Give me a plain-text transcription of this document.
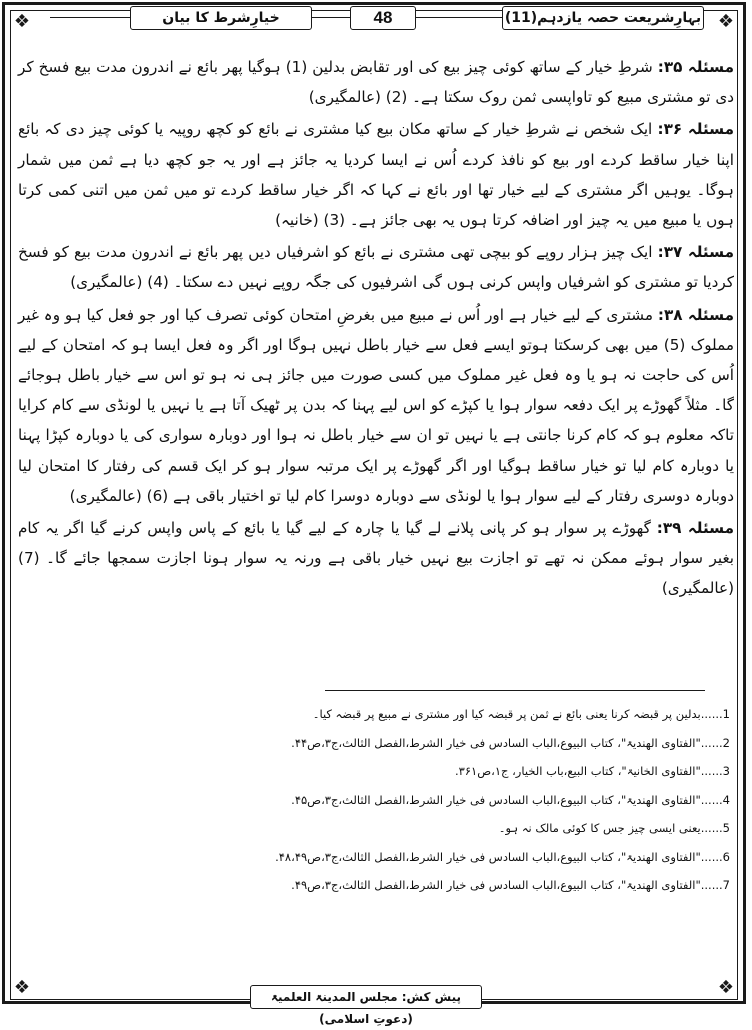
❖	❖
❖	❖
خیارِشرط کا بیان	48	بہارِشریعت حصہ یازدہم(11)

مسئلہ ۳۵: شرطِ خیار کے ساتھ کوئی چیز بیع کی اور تقابض بدلین (1) ہوگیا پھر بائع نے اندرون مدت بیع فسخ کر دی تو مشتری مبیع کو تاواپسی ثمن روک سکتا ہے۔ (2) (عالمگیری)

مسئلہ ۳۶: ایک شخص نے شرطِ خیار کے ساتھ مکان بیع کیا مشتری نے بائع کو کچھ روپیہ یا کوئی چیز دی کہ بائع اپنا خیار ساقط کردے اور بیع کو نافذ کردے اُس نے ایسا کردیا یہ جائز ہے اور یہ جو کچھ دیا ہے ثمن میں شمار ہوگا۔ یوہیں اگر مشتری کے لیے خیار تھا اور بائع نے کہا کہ اگر خیار ساقط کردے تو میں ثمن میں اتنی کمی کرتا ہوں یا مبیع میں یہ چیز اور اضافہ کرتا ہوں یہ بھی جائز ہے۔ (3) (خانیہ)

مسئلہ ۳۷: ایک چیز ہزار روپے کو بیچی تھی مشتری نے بائع کو اشرفیاں دیں پھر بائع نے اندرون مدت بیع کو فسخ کردیا تو مشتری کو اشرفیاں واپس کرنی ہوں گی اشرفیوں کی جگہ روپے نہیں دے سکتا۔ (4) (عالمگیری)

مسئلہ ۳۸: مشتری کے لیے خیار ہے اور اُس نے مبیع میں بغرضِ امتحان کوئی تصرف کیا اور جو فعل کیا ہو وہ غیر مملوک (5) میں بھی کرسکتا ہوتو ایسے فعل سے خیار باطل نہیں ہوگا اور اگر وہ فعل ایسا ہو کہ امتحان کے لیے اُس کی حاجت نہ ہو یا وہ فعل غیر مملوک میں کسی صورت میں جائز ہی نہ ہو تو اس سے خیار باطل ہوجائے گا۔ مثلاً گھوڑے پر ایک دفعہ سوار ہوا یا کپڑے کو اس لیے پہنا کہ بدن پر ٹھیک آتا ہے یا نہیں یا لونڈی سے کام کرایا تاکہ معلوم ہو کہ کام کرنا جانتی ہے یا نہیں تو ان سے خیار باطل نہ ہوا اور دوبارہ سواری کی یا دوبارہ کپڑا پہنا یا دوبارہ کام لیا تو خیار ساقط ہوگیا اور اگر گھوڑے پر ایک مرتبہ سوار ہو کر ایک قسم کی رفتار کا امتحان لیا دوبارہ دوسری رفتار کے لیے سوار ہوا یا لونڈی سے دوبارہ دوسرا کام لیا تو اختیار باقی ہے (6) (عالمگیری)

مسئلہ ۳۹: گھوڑے پر سوار ہو کر پانی پلانے لے گیا یا چارہ کے لیے گیا یا بائع کے پاس واپس کرنے گیا اگر یہ کام بغیر سوار ہوئے ممکن نہ تھے تو اجازت بیع نہیں خیار باقی ہے ورنہ یہ سوار ہونا اجازت سمجھا جائے گا۔ (7) (عالمگیری)

1......بدلین پر قبضہ کرنا یعنی بائع نے ثمن پر قبضہ کیا اور مشتری نے مبیع پر قبضہ کیا۔
2......"الفتاوی الھندیۃ"، کتاب البیوع،الباب السادس فی خیار الشرط،الفصل الثالث،ج۳،ص۴۴.
3......"الفتاوی الخانیۃ"، کتاب البیع،باب الخیار، ج۱،ص۳۶۱.
4......"الفتاوی الھندیۃ"، کتاب البیوع،الباب السادس فی خیار الشرط،الفصل الثالث،ج۳،ص۴۵.
5......یعنی ایسی چیز جس کا کوئی مالک نہ ہو۔
6......"الفتاوی الھندیۃ"، کتاب البیوع،الباب السادس فی خیار الشرط،الفصل الثالث،ج۳،ص۴۸،۴۹.
7......"الفتاوی الھندیۃ"، کتاب البیوع،الباب السادس فی خیار الشرط،الفصل الثالث،ج۳،ص۴۹.
پیش کش: مجلس المدینۃ العلمیۃ (دعوتِ اسلامی)
